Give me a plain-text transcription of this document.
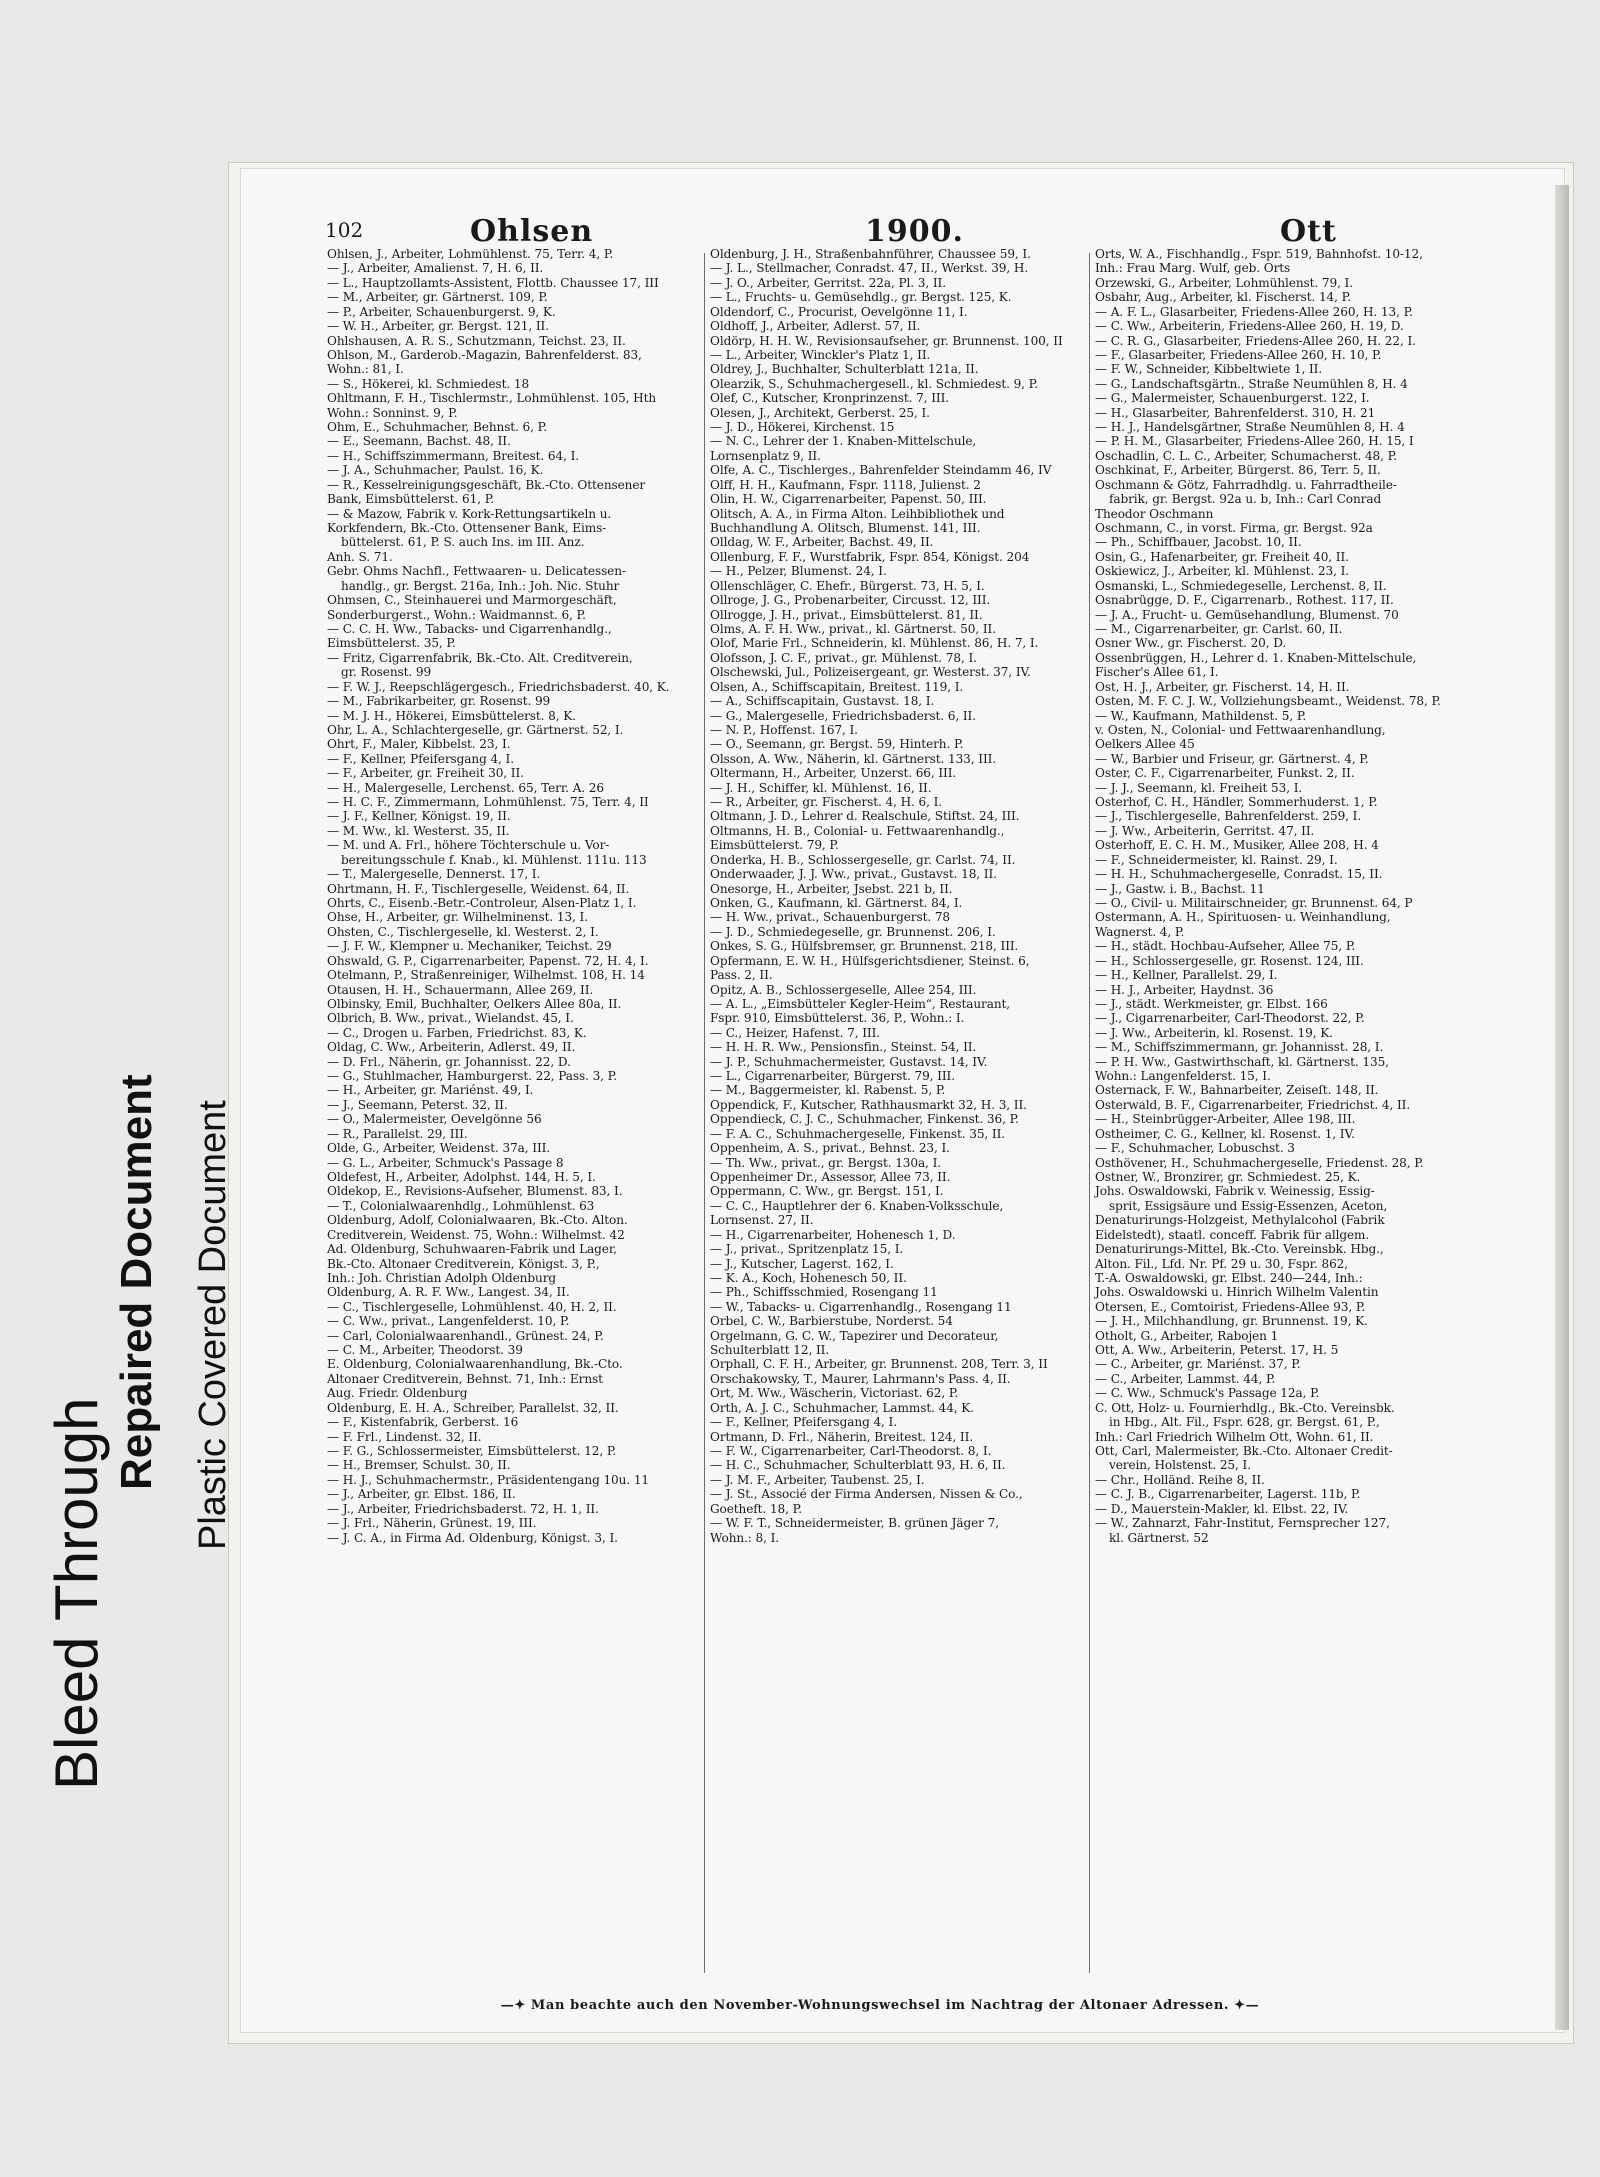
Bleed Through
Repaired Document Plastic Covered Document
102	Ohlsen	1900.	Ott
Ohlsen, J., Arbeiter, Lohmühlenst. 75, Terr. 4, P.
— J., Arbeiter, Amalienst. 7, H. 6, II.
— L., Hauptzollamts-Assistent, Flottb. Chaussee 17, III
— M., Arbeiter, gr. Gärtnerst. 109, P.
— P., Arbeiter, Schauenburgerst. 9, K.
— W. H., Arbeiter, gr. Bergst. 121, II.
Ohlshausen, A. R. S., Schutzmann, Teichst. 23, II.
Ohlson, M., Garderob.-Magazin, Bahrenfelderst. 83,
Wohn.: 81, I.
— S., Hökerei, kl. Schmiedest. 18
Ohltmann, F. H., Tischlermstr., Lohmühlenst. 105, Hth
Wohn.: Sonninst. 9, P.
Ohm, E., Schuhmacher, Behnst. 6, P.
— E., Seemann, Bachst. 48, II.
— H., Schiffszimmermann, Breitest. 64, I.
— J. A., Schuhmacher, Paulst. 16, K.
— R., Kesselreinigungsgeschäft, Bk.-Cto. Ottensener
Bank, Eimsbüttelerst. 61, P.
— & Mazow, Fabrik v. Kork-Rettungsartikeln u.
Korkfendern, Bk.-Cto. Ottensener Bank, Eims-
büttelerst. 61, P. S. auch Ins. im III. Anz.
Anh. S. 71.
Gebr. Ohms Nachfl., Fettwaaren- u. Delicatessen-
handlg., gr. Bergst. 216a, Inh.: Joh. Nic. Stuhr
Ohmsen, C., Steinhauerei und Marmorgeschäft,
Sonderburgerst., Wohn.: Waidmannst. 6, P.
— C. C. H. Ww., Tabacks- und Cigarrenhandlg.,
Eimsbüttelerst. 35, P.
— Fritz, Cigarrenfabrik, Bk.-Cto. Alt. Creditverein,
gr. Rosenst. 99
— F. W. J., Reepschlägergesch., Friedrichsbaderst. 40, K.
— M., Fabrikarbeiter, gr. Rosenst. 99
— M. J. H., Hökerei, Eimsbüttelerst. 8, K.
Ohr, L. A., Schlachtergeselle, gr. Gärtnerst. 52, I.
Ohrt, F., Maler, Kibbelst. 23, I.
— F., Kellner, Pfeifersgang 4, I.
— F., Arbeiter, gr. Freiheit 30, II.
— H., Malergeselle, Lerchenst. 65, Terr. A. 26
— H. C. F., Zimmermann, Lohmühlenst. 75, Terr. 4, II
— J. F., Kellner, Königst. 19, II.
— M. Ww., kl. Westerst. 35, II.
— M. und A. Frl., höhere Töchterschule u. Vor-
bereitungsschule f. Knab., kl. Mühlenst. 111u. 113
— T., Malergeselle, Dennerst. 17, I.
Ohrtmann, H. F., Tischlergeselle, Weidenst. 64, II.
Ohrts, C., Eisenb.-Betr.-Controleur, Alsen-Platz 1, I.
Ohse, H., Arbeiter, gr. Wilhelminenst. 13, I.
Ohsten, C., Tischlergeselle, kl. Westerst. 2, I.
— J. F. W., Klempner u. Mechaniker, Teichst. 29
Ohswald, G. P., Cigarrenarbeiter, Papenst. 72, H. 4, I.
Otelmann, P., Straßenreiniger, Wilhelmst. 108, H. 14
Otausen, H. H., Schauermann, Allee 269, II.
Olbinsky, Emil, Buchhalter, Oelkers Allee 80a, II.
Olbrich, B. Ww., privat., Wielandst. 45, I.
— C., Drogen u. Farben, Friedrichst. 83, K.
Oldag, C. Ww., Arbeiterin, Adlerst. 49, II.
— D. Frl., Näherin, gr. Johannisst. 22, D.
— G., Stuhlmacher, Hamburgerst. 22, Pass. 3, P.
— H., Arbeiter, gr. Mariénst. 49, I.
— J., Seemann, Peterst. 32, II.
— O., Malermeister, Oevelgönne 56
— R., Parallelst. 29, III.
Olde, G., Arbeiter, Weidenst. 37a, III.
— G. L., Arbeiter, Schmuck's Passage 8
Oldefest, H., Arbeiter, Adolphst. 144, H. 5, I.
Oldekop, E., Revisions-Aufseher, Blumenst. 83, I.
— T., Colonialwaarenhdlg., Lohmühlenst. 63
Oldenburg, Adolf, Colonialwaaren, Bk.-Cto. Alton.
Creditverein, Weidenst. 75, Wohn.: Wilhelmst. 42
Ad. Oldenburg, Schuhwaaren-Fabrik und Lager,
Bk.-Cto. Altonaer Creditverein, Königst. 3, P.,
Inh.: Joh. Christian Adolph Oldenburg
Oldenburg, A. R. F. Ww., Langest. 34, II.
— C., Tischlergeselle, Lohmühlenst. 40, H. 2, II.
— C. Ww., privat., Langenfelderst. 10, P.
— Carl, Colonialwaarenhandl., Grünest. 24, P.
— C. M., Arbeiter, Theodorst. 39
E. Oldenburg, Colonialwaarenhandlung, Bk.-Cto.
Altonaer Creditverein, Behnst. 71, Inh.: Ernst
Aug. Friedr. Oldenburg
Oldenburg, E. H. A., Schreiber, Parallelst. 32, II.
— F., Kistenfabrik, Gerberst. 16
— F. Frl., Lindenst. 32, II.
— F. G., Schlossermeister, Eimsbüttelerst. 12, P.
— H., Bremser, Schulst. 30, II.
— H. J., Schuhmachermstr., Präsidentengang 10u. 11
— J., Arbeiter, gr. Elbst. 186, II.
— J., Arbeiter, Friedrichsbaderst. 72, H. 1, II.
— J. Frl., Näherin, Grünest. 19, III.
— J. C. A., in Firma Ad. Oldenburg, Königst. 3, I.
Oldenburg, J. H., Straßenbahnführer, Chaussee 59, I.
— J. L., Stellmacher, Conradst. 47, II., Werkst. 39, H.
— J. O., Arbeiter, Gerritst. 22a, Pl. 3, II.
— L., Fruchts- u. Gemüsehdlg., gr. Bergst. 125, K.
Oldendorf, C., Procurist, Oevelgönne 11, I.
Oldhoff, J., Arbeiter, Adlerst. 57, II.
Oldörp, H. H. W., Revisionsaufseher, gr. Brunnenst. 100, II
— L., Arbeiter, Winckler's Platz 1, II.
Oldrey, J., Buchhalter, Schulterblatt 121a, II.
Olearzik, S., Schuhmachergesell., kl. Schmiedest. 9, P.
Olef, C., Kutscher, Kronprinzenst. 7, III.
Olesen, J., Architekt, Gerberst. 25, I.
— J. D., Hökerei, Kirchenst. 15
— N. C., Lehrer der 1. Knaben-Mittelschule,
Lornsenplatz 9, II.
Olfe, A. C., Tischlerges., Bahrenfelder Steindamm 46, IV
Olff, H. H., Kaufmann, Fspr. 1118, Julienst. 2
Olin, H. W., Cigarrenarbeiter, Papenst. 50, III.
Olitsch, A. A., in Firma Alton. Leihbibliothek und
Buchhandlung A. Olitsch, Blumenst. 141, III.
Olldag, W. F., Arbeiter, Bachst. 49, II.
Ollenburg, F. F., Wurstfabrik, Fspr. 854, Königst. 204
— H., Pelzer, Blumenst. 24, I.
Ollenschläger, C. Ehefr., Bürgerst. 73, H. 5, I.
Ollroge, J. G., Probenarbeiter, Circusst. 12, III.
Ollrogge, J. H., privat., Eimsbüttelerst. 81, II.
Olms, A. F. H. Ww., privat., kl. Gärtnerst. 50, II.
Olof, Marie Frl., Schneiderin, kl. Mühlenst. 86, H. 7, I.
Olofsson, J. C. F., privat., gr. Mühlenst. 78, I.
Olschewski, Jul., Polizeisergeant, gr. Westerst. 37, IV.
Olsen, A., Schiffscapitain, Breitest. 119, I.
— A., Schiffscapitain, Gustavst. 18, I.
— G., Malergeselle, Friedrichsbaderst. 6, II.
— N. P., Hoffenst. 167, I.
— O., Seemann, gr. Bergst. 59, Hinterh. P.
Olsson, A. Ww., Näherin, kl. Gärtnerst. 133, III.
Oltermann, H., Arbeiter, Unzerst. 66, III.
— J. H., Schiffer, kl. Mühlenst. 16, II.
— R., Arbeiter, gr. Fischerst. 4, H. 6, I.
Oltmann, J. D., Lehrer d. Realschule, Stiftst. 24, III.
Oltmanns, H. B., Colonial- u. Fettwaarenhandlg.,
Eimsbüttelerst. 79, P.
Onderka, H. B., Schlossergeselle, gr. Carlst. 74, II.
Onderwaader, J. J. Ww., privat., Gustavst. 18, II.
Onesorge, H., Arbeiter, Jsebst. 221 b, II.
Onken, G., Kaufmann, kl. Gärtnerst. 84, I.
— H. Ww., privat., Schauenburgerst. 78
— J. D., Schmiedegeselle, gr. Brunnenst. 206, I.
Onkes, S. G., Hülfsbremser, gr. Brunnenst. 218, III.
Opfermann, E. W. H., Hülfsgerichtsdiener, Steinst. 6,
Pass. 2, II.
Opitz, A. B., Schlossergeselle, Allee 254, III.
— A. L., „Eimsbütteler Kegler-Heim“, Restaurant,
Fspr. 910, Eimsbüttelerst. 36, P., Wohn.: I.
— C., Heizer, Hafenst. 7, III.
— H. H. R. Ww., Pensionsfin., Steinst. 54, II.
— J. P., Schuhmachermeister, Gustavst. 14, IV.
— L., Cigarrenarbeiter, Bürgerst. 79, III.
— M., Baggermeister, kl. Rabenst. 5, P.
Oppendick, F., Kutscher, Rathhausmarkt 32, H. 3, II.
Oppendieck, C. J. C., Schuhmacher, Finkenst. 36, P.
— F. A. C., Schuhmachergeselle, Finkenst. 35, II.
Oppenheim, A. S., privat., Behnst. 23, I.
— Th. Ww., privat., gr. Bergst. 130a, I.
Oppenheimer Dr., Assessor, Allee 73, II.
Oppermann, C. Ww., gr. Bergst. 151, I.
— C. C., Hauptlehrer der 6. Knaben-Volksschule,
Lornsenst. 27, II.
— H., Cigarrenarbeiter, Hohenesch 1, D.
— J., privat., Spritzenplatz 15, I.
— J., Kutscher, Lagerst. 162, I.
— K. A., Koch, Hohenesch 50, II.
— Ph., Schiffsschmied, Rosengang 11
— W., Tabacks- u. Cigarrenhandlg., Rosengang 11
Orbel, C. W., Barbierstube, Norderst. 54
Orgelmann, G. C. W., Tapezirer und Decorateur,
Schulterblatt 12, II.
Orphall, C. F. H., Arbeiter, gr. Brunnenst. 208, Terr. 3, II
Orschakowsky, T., Maurer, Lahrmann's Pass. 4, II.
Ort, M. Ww., Wäscherin, Victoriast. 62, P.
Orth, A. J. C., Schuhmacher, Lammst. 44, K.
— F., Kellner, Pfeifersgang 4, I.
Ortmann, D. Frl., Näherin, Breitest. 124, II.
— F. W., Cigarrenarbeiter, Carl-Theodorst. 8, I.
— H. C., Schuhmacher, Schulterblatt 93, H. 6, II.
— J. M. F., Arbeiter, Taubenst. 25, I.
— J. St., Associé der Firma Andersen, Nissen & Co.,
Goetheft. 18, P.
— W. F. T., Schneidermeister, B. grünen Jäger 7,
Wohn.: 8, I.
Orts, W. A., Fischhandlg., Fspr. 519, Bahnhofst. 10-12,
Inh.: Frau Marg. Wulf, geb. Orts
Orzewski, G., Arbeiter, Lohmühlenst. 79, I.
Osbahr, Aug., Arbeiter, kl. Fischerst. 14, P.
— A. F. L., Glasarbeiter, Friedens-Allee 260, H. 13, P.
— C. Ww., Arbeiterin, Friedens-Allee 260, H. 19, D.
— C. R. G., Glasarbeiter, Friedens-Allee 260, H. 22, I.
— F., Glasarbeiter, Friedens-Allee 260, H. 10, P.
— F. W., Schneider, Kibbeltwiete 1, II.
— G., Landschaftsgärtn., Straße Neumühlen 8, H. 4
— G., Malermeister, Schauenburgerst. 122, I.
— H., Glasarbeiter, Bahrenfelderst. 310, H. 21
— H. J., Handelsgärtner, Straße Neumühlen 8, H. 4
— P. H. M., Glasarbeiter, Friedens-Allee 260, H. 15, I
Oschadlin, C. L. C., Arbeiter, Schumacherst. 48, P.
Oschkinat, F., Arbeiter, Bürgerst. 86, Terr. 5, II.
Oschmann & Götz, Fahrradhdlg. u. Fahrradtheile-
fabrik, gr. Bergst. 92a u. b, Inh.: Carl Conrad
Theodor Oschmann
Oschmann, C., in vorst. Firma, gr. Bergst. 92a
— Ph., Schiffbauer, Jacobst. 10, II.
Osin, G., Hafenarbeiter, gr. Freiheit 40, II.
Oskiewicz, J., Arbeiter, kl. Mühlenst. 23, I.
Osmanski, L., Schmiedegeselle, Lerchenst. 8, II.
Osnabrügge, D. F., Cigarrenarb., Rothest. 117, II.
— J. A., Frucht- u. Gemüsehandlung, Blumenst. 70
— M., Cigarrenarbeiter, gr. Carlst. 60, II.
Osner Ww., gr. Fischerst. 20, D.
Ossenbrüggen, H., Lehrer d. 1. Knaben-Mittelschule,
Fischer's Allee 61, I.
Ost, H. J., Arbeiter, gr. Fischerst. 14, H. II.
Osten, M. F. C. J. W., Vollziehungsbeamt., Weidenst. 78, P.
— W., Kaufmann, Mathildenst. 5, P.
v. Osten, N., Colonial- und Fettwaarenhandlung,
Oelkers Allee 45
— W., Barbier und Friseur, gr. Gärtnerst. 4, P.
Oster, C. F., Cigarrenarbeiter, Funkst. 2, II.
— J. J., Seemann, kl. Freiheit 53, I.
Osterhof, C. H., Händler, Sommerhuderst. 1, P.
— J., Tischlergeselle, Bahrenfelderst. 259, I.
— J. Ww., Arbeiterin, Gerritst. 47, II.
Osterhoff, E. C. H. M., Musiker, Allee 208, H. 4
— F., Schneidermeister, kl. Rainst. 29, I.
— H. H., Schuhmachergeselle, Conradst. 15, II.
— J., Gastw. i. B., Bachst. 11
— O., Civil- u. Militairschneider, gr. Brunnenst. 64, P
Ostermann, A. H., Spirituosen- u. Weinhandlung,
Wagnerst. 4, P.
— H., städt. Hochbau-Aufseher, Allee 75, P.
— H., Schlossergeselle, gr. Rosenst. 124, III.
— H., Kellner, Parallelst. 29, I.
— H. J., Arbeiter, Haydnst. 36
— J., städt. Werkmeister, gr. Elbst. 166
— J., Cigarrenarbeiter, Carl-Theodorst. 22, P.
— J. Ww., Arbeiterin, kl. Rosenst. 19, K.
— M., Schiffszimmermann, gr. Johannisst. 28, I.
— P. H. Ww., Gastwirthschaft, kl. Gärtnerst. 135,
Wohn.: Langenfelderst. 15, I.
Osternack, F. W., Bahnarbeiter, Zeiseſt. 148, II.
Osterwald, B. F., Cigarrenarbeiter, Friedrichst. 4, II.
— H., Steinbrügger-Arbeiter, Allee 198, III.
Ostheimer, C. G., Kellner, kl. Rosenst. 1, IV.
— F., Schuhmacher, Lobuschst. 3
Osthövener, H., Schuhmachergeselle, Friedenst. 28, P.
Ostner, W., Bronzirer, gr. Schmiedest. 25, K.
Johs. Oswaldowski, Fabrik v. Weinessig, Essig-
sprit, Essigsäure und Essig-Essenzen, Aceton,
Denaturirungs-Holzgeist, Methylalcohol (Fabrik
Eidelstedt), staatl. conceff. Fabrik für allgem.
Denaturirungs-Mittel, Bk.-Cto. Vereinsbk. Hbg.,
Alton. Fil., Lfd. Nr. Pf. 29 u. 30, Fspr. 862,
T.-A. Oswaldowski, gr. Elbst. 240—244, Inh.:
Johs. Oswaldowski u. Hinrich Wilhelm Valentin
Otersen, E., Comtoirist, Friedens-Allee 93, P.
— J. H., Milchhandlung, gr. Brunnenst. 19, K.
Otholt, G., Arbeiter, Rabojen 1
Ott, A. Ww., Arbeiterin, Peterst. 17, H. 5
— C., Arbeiter, gr. Mariénst. 37, P.
— C., Arbeiter, Lammst. 44, P.
— C. Ww., Schmuck's Passage 12a, P.
C. Ott, Holz- u. Fournierhdlg., Bk.-Cto. Vereinsbk.
in Hbg., Alt. Fil., Fspr. 628, gr. Bergst. 61, P.,
Inh.: Carl Friedrich Wilhelm Ott, Wohn. 61, II.
Ott, Carl, Malermeister, Bk.-Cto. Altonaer Credit-
verein, Holstenst. 25, I.
— Chr., Holländ. Reihe 8, II.
— C. J. B., Cigarrenarbeiter, Lagerst. 11b, P.
— D., Mauerstein-Makler, kl. Elbst. 22, IV.
— W., Zahnarzt, Fahr-Institut, Fernsprecher 127,
kl. Gärtnerst. 52
—✦ Man beachte auch den November-Wohnungswechsel im Nachtrag der Altonaer Adressen. ✦—
